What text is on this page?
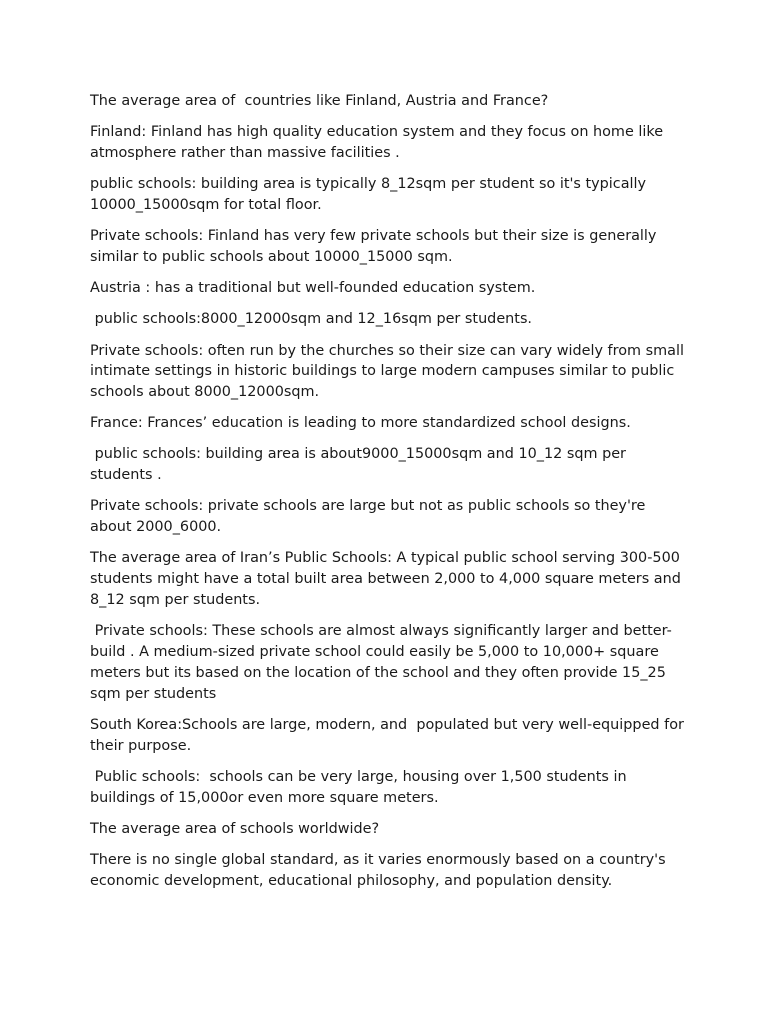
The average area of  countries like Finland, Austria and France?

Finland: Finland has high quality education system and they focus on home like atmosphere rather than massive facilities .

public schools: building area is typically 8_12sqm per student so it's typically 10000_15000sqm for total floor.

Private schools: Finland has very few private schools but their size is generally similar to public schools about 10000_15000 sqm.

Austria : has a traditional but well-founded education system.

public schools:8000_12000sqm and 12_16sqm per students.

Private schools: often run by the churches so their size can vary widely from small intimate settings in historic buildings to large modern campuses similar to public schools about 8000_12000sqm.

France: Frances’ education is leading to more standardized school designs.

public schools: building area is about9000_15000sqm and 10_12 sqm per students .

Private schools: private schools are large but not as public schools so they're about 2000_6000.

The average area of Iran’s Public Schools: A typical public school serving 300-500 students might have a total built area between 2,000 to 4,000 square meters and 8_12 sqm per students.

Private schools: These schools are almost always significantly larger and better-build . A medium-sized private school could easily be 5,000 to 10,000+ square meters but its based on the location of the school and they often provide 15_25 sqm per students

South Korea:Schools are large, modern, and  populated but very well-equipped for their purpose.

Public schools:  schools can be very large, housing over 1,500 students in buildings of 15,000or even more square meters.

The average area of schools worldwide?

There is no single global standard, as it varies enormously based on a country's economic development, educational philosophy, and population density.
